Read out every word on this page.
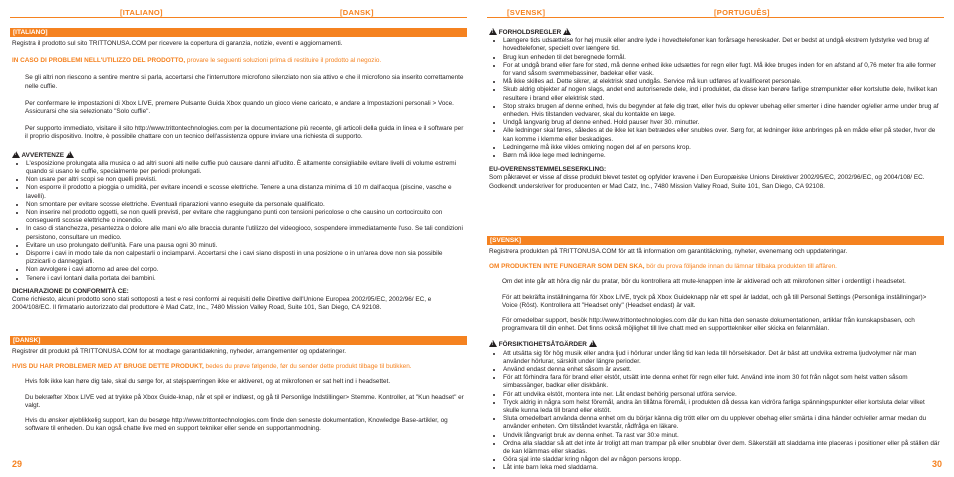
[ITALIANO]	[DANSK]
[ITALIANO]

Registra il prodotto sul sito TRITTONUSA.COM per ricevere la copertura di garanzia, notizie, eventi e aggiornamenti.

IN CASO DI PROBLEMI NELL'UTILIZZO DEL PRODOTTO, provare le seguenti soluzioni prima di restituire il prodotto al negozio.

Se gli altri non riescono a sentire mentre si parla, accertarsi che l'interruttore microfono silenziato non sia attivo e che il microfono sia inserito correttamente nelle cuffie.

Per confermare le impostazioni di Xbox LIVE, premere Pulsante Guida Xbox quando un gioco viene caricato, e andare a Impostazioni personali > Voce. Assicurarsi che sia selezionato "Solo cuffie".

Per supporto immediato, visitare il sito http://www.trittontechnologies.com per la documentazione più recente, gli articoli della guida in linea e il software per il proprio dispositivo. Inoltre, è possibile chattare con un tecnico dell'assistenza oppure inviare una richiesta di supporto.

! AVVERTENZE !

• L'esposizione prolungata alla musica o ad altri suoni alti nelle cuffie può causare danni all'udito. È altamente consigliabile evitare livelli di volume estremi quando si usano le cuffie, specialmente per periodi prolungati.
• Non usare per altri scopi se non quelli previsti.
• Non esporre il prodotto a pioggia o umidità, per evitare incendi e scosse elettriche. Tenere a una distanza minima di 10 m dall'acqua (piscine, vasche e lavelli).
• Non smontare per evitare scosse elettriche. Eventuali riparazioni vanno eseguite da personale qualificato.
• Non inserire nel prodotto oggetti, se non quelli previsti, per evitare che raggiungano punti con tensioni pericolose o che causino un cortocircuito con conseguenti scosse elettriche o incendio.
• In caso di stanchezza, pesantezza o dolore alle mani e/o alle braccia durante l'utilizzo del videogioco, sospendere immediatamente l'uso. Se tali condizioni persistono, consultare un medico.
• Evitare un uso prolungato dell'unità. Fare una pausa ogni 30 minuti.
• Disporre i cavi in modo tale da non calpestarli o inciamparvi. Accertarsi che i cavi siano disposti in una posizione o in un'area dove non sia possibile pizzicarli o danneggiarli.
• Non avvolgere i cavi attorno ad aree del corpo.
• Tenere i cavi lontani dalla portata dei bambini.

DICHIARAZIONE DI CONFORMITÀ CE:

Come richiesto, alcuni prodotto sono stati sottoposti a test e resi conformi ai requisiti delle Direttive dell'Unione Europea 2002/95/EC, 2002/96/ EC, e 2004/108/EC. Il firmatario autorizzato dal produttore è Mad Catz, Inc., 7480 Mission Valley Road, Suite 101, San Diego, CA 92108.

[DANSK]

Registrer dit produkt på TRITTONUSA.COM for at modtage garantidækning, nyheder, arrangementer og opdateringer.

HVIS DU HAR PROBLEMER MED AT BRUGE DETTE PRODUKT, bedes du prøve følgende, før du sender dette produkt tilbage til butikken.

Hvis folk ikke kan høre dig tale, skal du sørge for, at støjspærringen ikke er aktiveret, og at mikrofonen er sat helt ind i headsettet.

Du bekræfter Xbox LIVE ved at trykke på Xbox Guide-knap, når et spil er indlæst, og gå til Personlige Indstillinger> Stemme. Kontroller, at "Kun headset" er valgt.

Hvis du ønsker øjeblikkelig support, kan du besøge http://www.trittontechnologies.com finde den seneste dokumentation, Knowledge Base-artikler, og software til enheden. Du kan også chatte live med en support tekniker eller sende en supportanmodning.

29
[SVENSK]	[PORTUGUÊS]

! FORHOLDSREGLER !

• Længere tids udsættelse for høj musik eller andre lyde i hovedtelefoner kan forårsage hereskader. Det er bedst at undgå ekstrem lydstyrke ved brug af hovedtelefoner, specielt over længere tid.
• Brug kun enheden til det beregnede formål.
• For at undgå brand eller fare for stød, må denne enhed ikke udsættes for regn eller fugt. Må ikke bruges inden for en afstand af 0,76 meter fra alle former for vand såsom svømmebassiner, badekar eller vask.
• Må ikke skilles ad. Dette sikrer, at elektrisk stød undgås. Service må kun udføres af kvalificeret personale.
• Skub aldrig objekter af nogen slags, andet end autoriserede dele, ind i produktet, da disse kan berøre farlige strømpunkter eller kortslutte dele, hvilket kan resultere i brand eller elektrisk stød.
• Stop straks brugen af denne enhed, hvis du begynder at føle dig træt, eller hvis du oplever ubehag eller smerter i dine hænder og/eller arme under brug af enheden. Hvis tilstanden vedvarer, skal du kontakte en læge.
• Undgå langvarig brug af denne enhed. Hold pauser hver 30. minutter.
• Alle ledninger skal føres, således at de ikke let kan betrædes eller snubles over. Sørg for, at ledninger ikke anbringes på en måde eller på steder, hvor de kan komme i klemme eller beskadiges.
• Ledningerne må ikke vikles omkring nogen del af en persons krop.
• Børn må ikke lege med ledningerne.

EU-OVERENSSTEMMELSESERKLING:

Som påkrævet er visse af disse produkt blevet testet og opfylder kravene i Den Europæiske Unions Direktiver 2002/95/EC, 2002/96/EC, og 2004/108/ EC. Godkendt underskriver for producenten er Mad Catz, Inc., 7480 Mission Valley Road, Suite 101, San Diego, CA 92108.

[SVENSK]

Registrera produkten på TRITTONUSA.COM för att få information om garantitäckning, nyheter, evenemang och uppdateringar.

OM PRODUKTEN INTE FUNGERAR SOM DEN SKA, bör du prova följande innan du lämnar tillbaka produkten till affären.

Om det inte går att höra dig när du pratar, bör du kontrollera att mute-knappen inte är aktiverad och att mikrofonen sitter i ordentligt i headsetet.

För att bekräfta inställningarna för Xbox LIVE, tryck på Xbox Guideknapp när ett spel är laddat, och gå till Personal Settings (Personliga inställningar)> Voice (Röst). Kontrollera att "Headset only" (Headset endast) är valt.

För omedelbar support, besök http://www.trittontechnologies.com där du kan hitta den senaste dokumentationen, artiklar från kunskapsbasen, och programvara till din enhet. Det finns också möjlighet till live chatt med en supporttekniker eller skicka en felanmälan.

! FÖRSIKTIGHETSÅTGÄRDER !

• Att utsätta sig för hög musik eller andra ljud i hörlurar under lång tid kan leda till hörselskador. Det är bäst att undvika extrema ljudvolymer när man använder hörlurar, särskilt under längre perioder.
• Använd endast denna enhet såsom är avsett.
• För att förhindra fara för brand eller elstöt, utsätt inte denna enhet för regn eller fukt. Använd inte inom 30 fot från något som helst vatten såsom simbassänger, badkar eller diskbänk.
• För att undvika elstöt, montera inte ner. Låt endast behörig personal utföra service.
• Tryck aldrig in några som helst föremål, andra än tillåtna föremål, i produkten då dessa kan vidröra farliga spänningspunkter eller kortsluta delar vilket skulle kunna leda till brand eller elstöt.
• Sluta omedelbart använda denna enhet om du börjar känna dig trött eller om du upplever obehag eller smärta i dina händer och/eller armar medan du använder enheten. Om tillståndet kvarstår, rådfråga en läkare.
• Undvik långvarigt bruk av denna enhet. Ta rast var 30:e minut.
• Ordna alla sladdar så att det inte är troligt att man trampar på eller snubblar över dem. Säkerställ att sladdarna inte placeras i positioner eller på ställen där de kan klämmas eller skadas.
• Göra sjal inte sladdar kring någon del av någon persons kropp.
• Låt inte barn leka med sladdarna.	30
